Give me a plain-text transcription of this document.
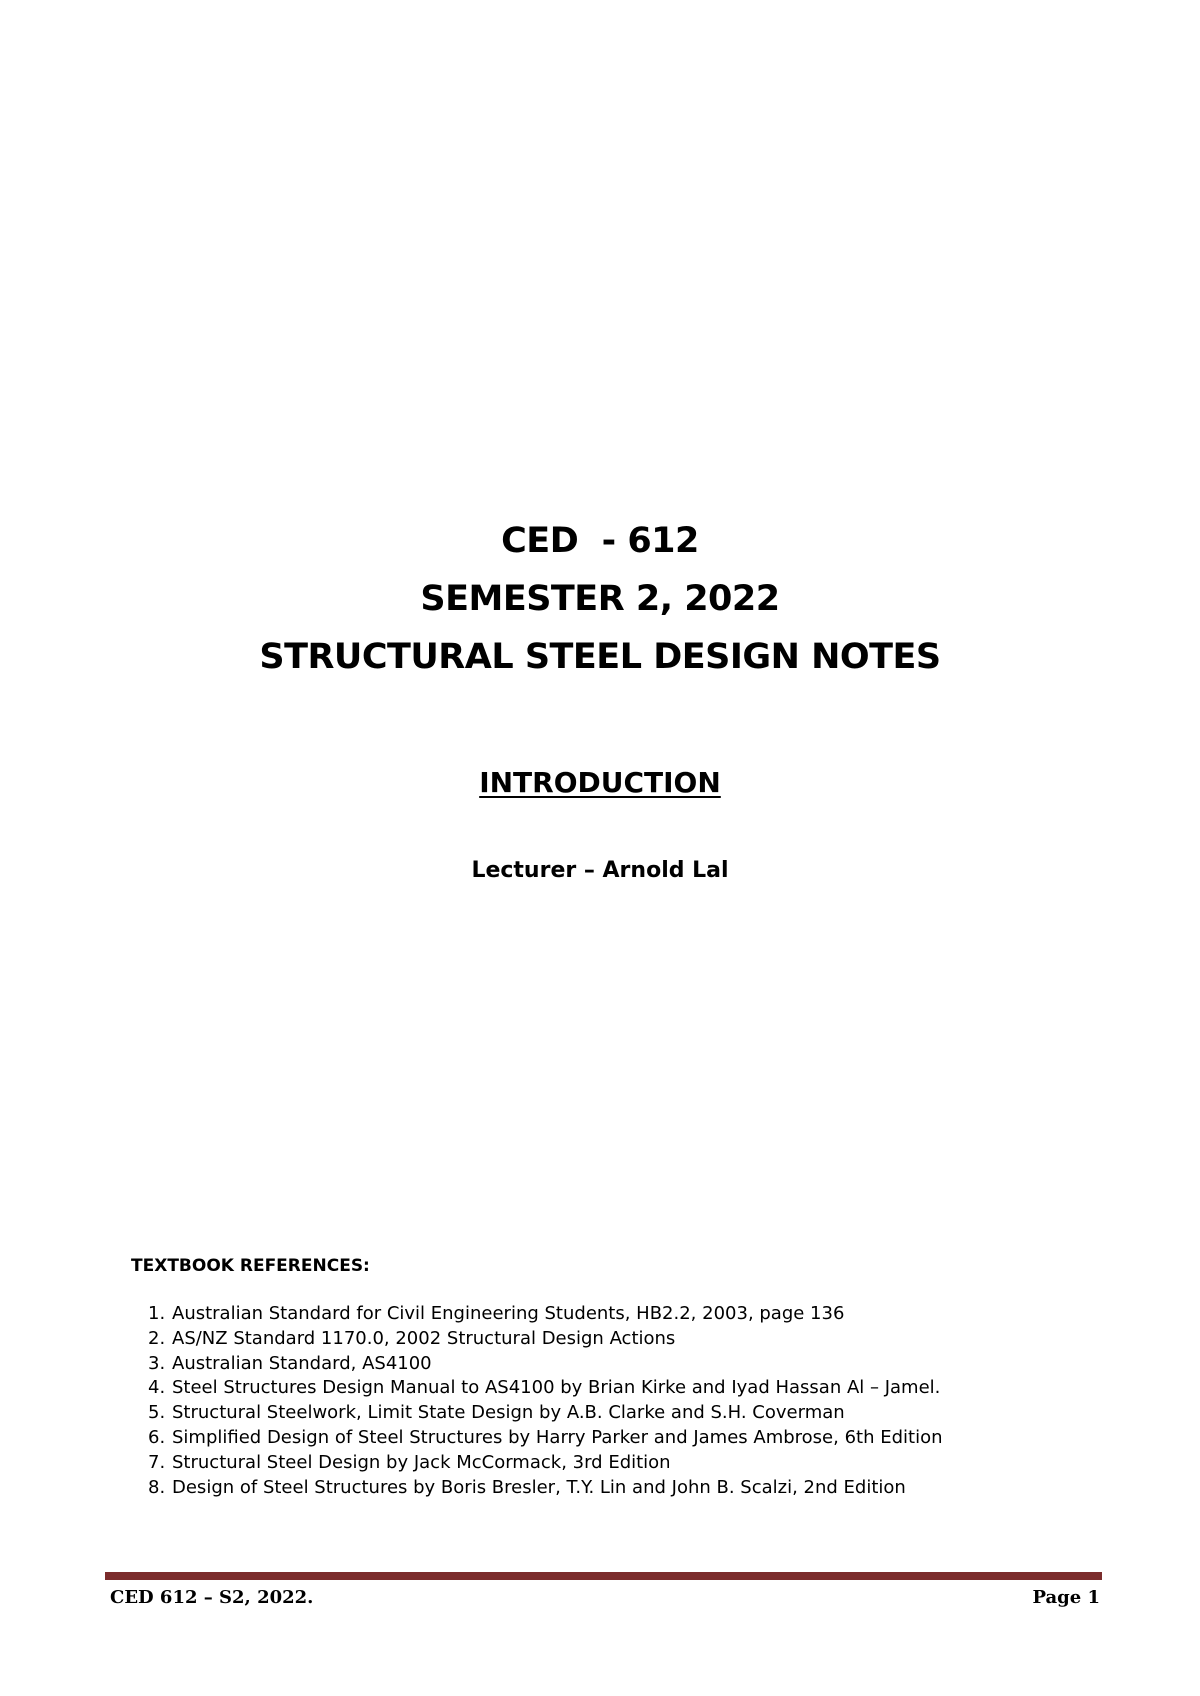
CED  - 612
SEMESTER 2, 2022
STRUCTURAL STEEL DESIGN NOTES
INTRODUCTION
Lecturer – Arnold Lal
TEXTBOOK REFERENCES:
1. Australian Standard for Civil Engineering Students, HB2.2, 2003, page 136
2. AS/NZ Standard 1170.0, 2002 Structural Design Actions
3. Australian Standard, AS4100
4. Steel Structures Design Manual to AS4100 by Brian Kirke and Iyad Hassan Al – Jamel.
5. Structural Steelwork, Limit State Design by A.B. Clarke and S.H. Coverman
6. Simplified Design of Steel Structures by Harry Parker and James Ambrose, 6th Edition
7. Structural Steel Design by Jack McCormack, 3rd Edition
8. Design of Steel Structures by Boris Bresler, T.Y. Lin and John B. Scalzi, 2nd Edition
CED 612 – S2, 2022.	Page 1
